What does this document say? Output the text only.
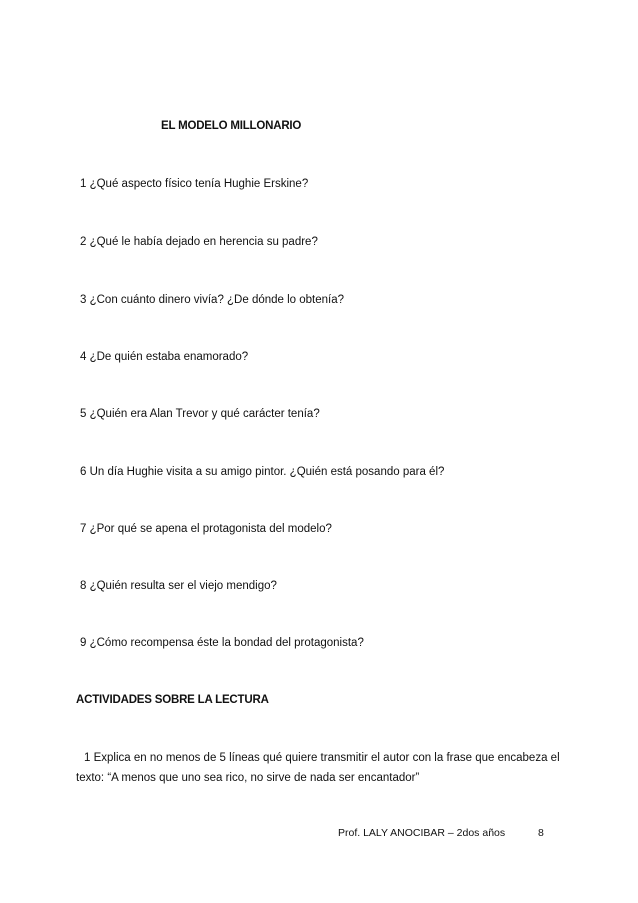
EL MODELO MILLONARIO
1 ¿Qué aspecto físico tenía Hughie Erskine?
2 ¿Qué le había dejado en herencia su padre?
3 ¿Con cuánto dinero vivía? ¿De dónde lo obtenía?
4 ¿De quién estaba enamorado?
5 ¿Quién era Alan Trevor y qué carácter tenía?
6 Un día Hughie visita a su amigo pintor. ¿Quién está posando para él?
7 ¿Por qué se apena el protagonista del modelo?
8 ¿Quién resulta ser el viejo mendigo?
9 ¿Cómo recompensa éste la bondad del protagonista?
ACTIVIDADES SOBRE LA LECTURA
1 Explica en no menos de 5 líneas qué quiere transmitir el autor con la frase que encabeza el
texto: “A menos que uno sea rico, no sirve de nada ser encantador”
Prof. LALY ANOCIBAR – 2dos años	8
